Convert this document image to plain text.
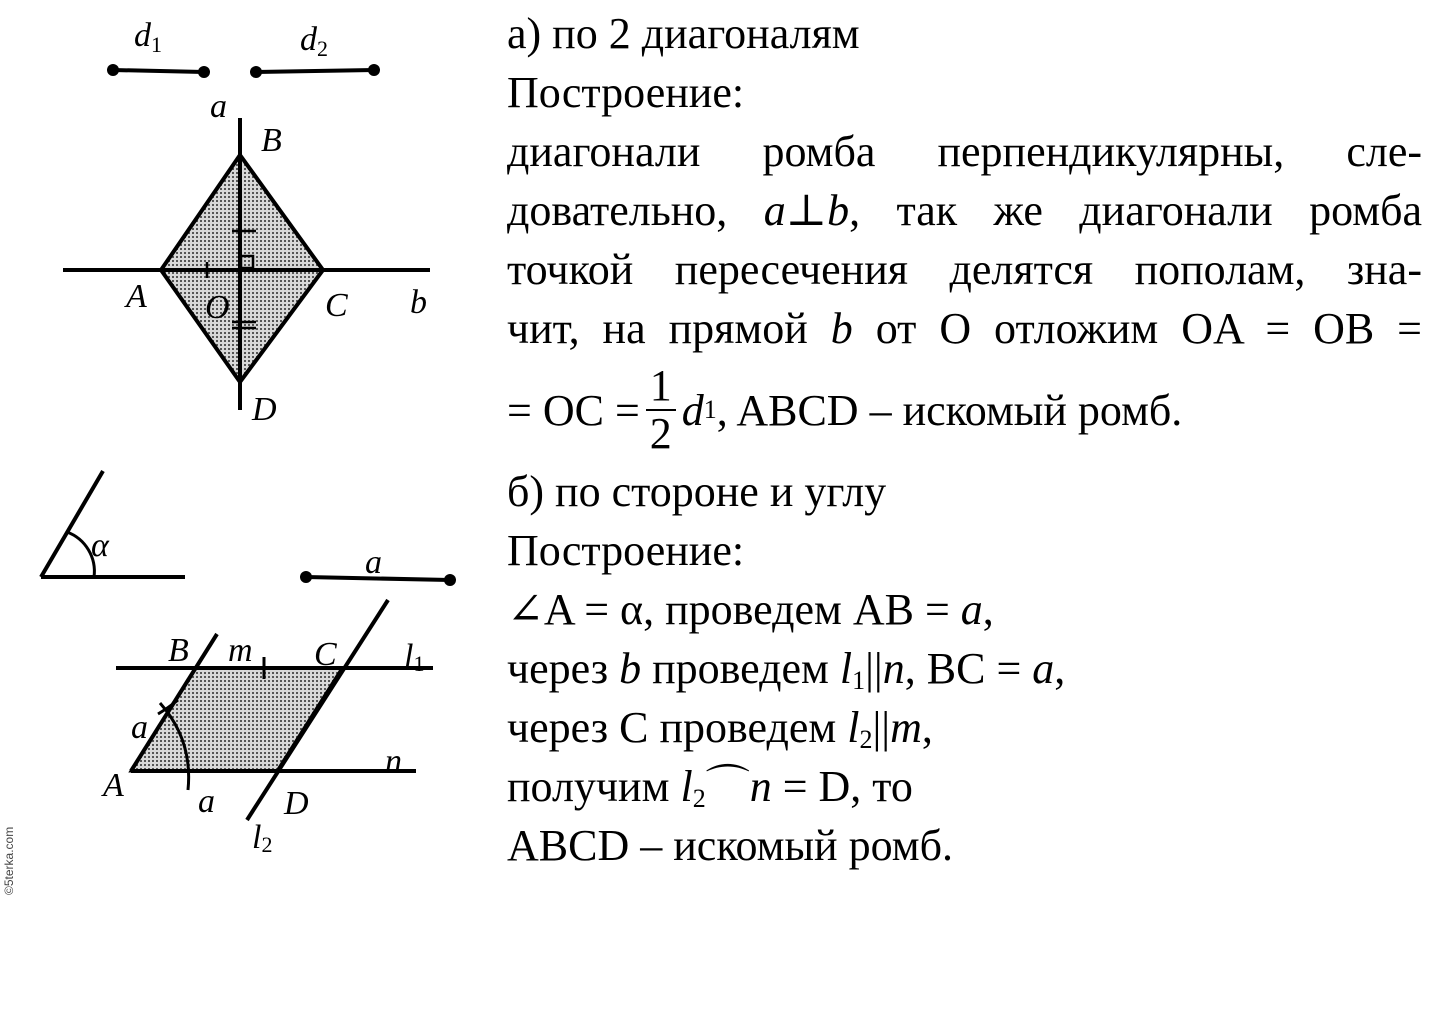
d1	d2
a
B
A O	C b
D
α	a
B m C l1
a
n
A a D
l2
а) по 2 диагоналям
Построение:
диагонали ромба перпендикулярны, сле-
довательно, a⊥b, так же диагонали ромба
точкой пересечения делятся пополам, зна-
чит, на прямой b от O отложим OA = OB =
= OC = $\frac{1}{2}$ d 1 , ABCD – искомый ромб.
б) по стороне и углу
Построение:
∠A = α, проведем AB = a,
через b проведем $l_1||n$, BC = a,
через C проведем $l_2||m$,
получим $l_2⌒n = D$, то
ABCD – искомый ромб.
©5terka.com
